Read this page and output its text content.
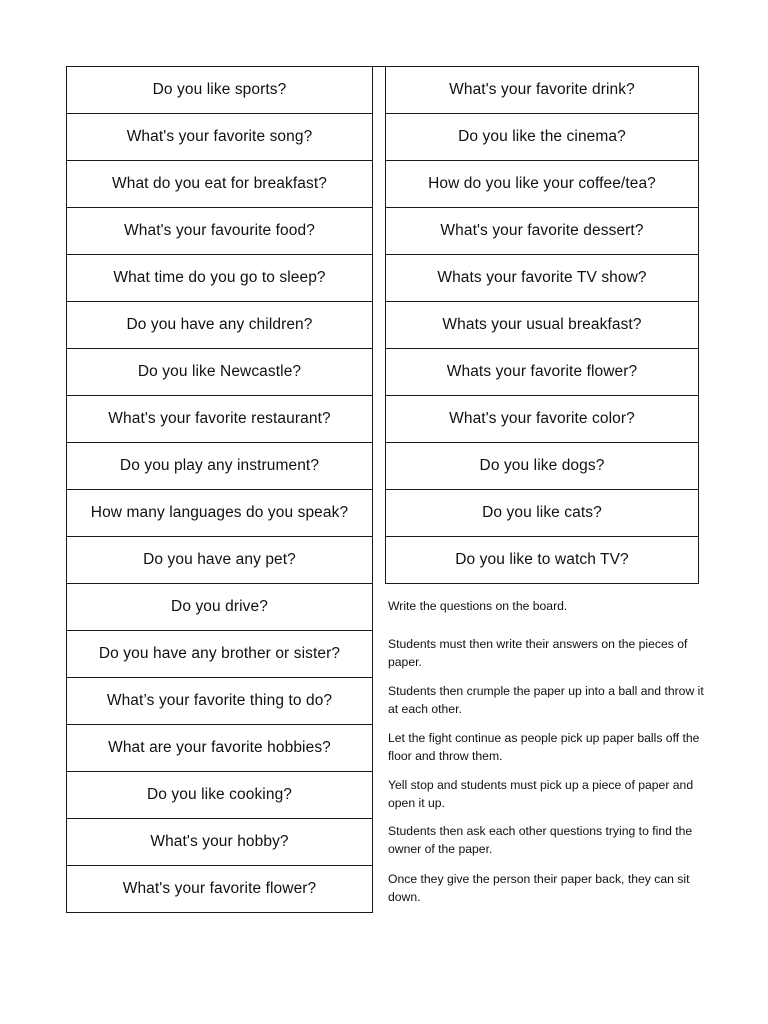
Do you like sports?
What's your favorite song?
What do you eat for breakfast?
What's your favourite food?
What time do you go to sleep?
Do you have any children?
Do you like Newcastle?
What's your favorite restaurant?
Do you play any instrument?
How many languages do you speak?
Do you have any pet?
Do you drive?
Do you have any brother or sister?
What’s your favorite thing to do?
What are your favorite hobbies?
Do you like cooking?
What's your hobby?
What's your favorite flower?
What's your favorite drink?
Do you like the cinema?
How do you like your coffee/tea?
What's your favorite dessert?
Whats your favorite TV show?
Whats your usual breakfast?
Whats your favorite flower?
What's your favorite color?
Do you like dogs?
Do you like cats?
Do you like to watch TV?
Write the questions on the board.
Students must then write their answers on the pieces of paper.
Students then crumple the paper up into a ball and throw it at each other.
Let the fight continue as people pick up paper balls off the floor and throw them.
Yell stop and students must pick up a piece of paper and open it up.
Students then ask each other questions trying to find the owner of the paper.
Once they give the person their paper back, they can sit down.
